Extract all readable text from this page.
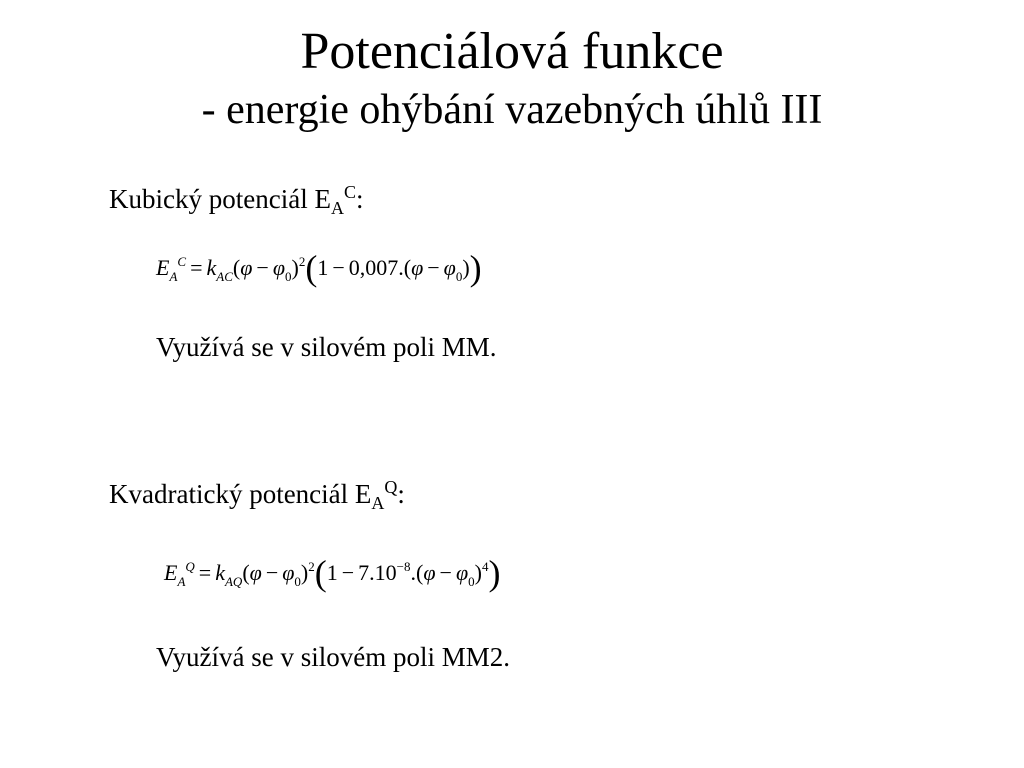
Potenciálová funkce
- energie ohýbání vazebných úhlů III
Kubický potenciál $E_A^C$:
$E_A^C = k_{AC}(\varphi - \varphi_0)^2(1 - 0,007.(\varphi - \varphi_0))$
Využívá se v silovém poli MM.
Kvadratický potenciál $E_A^Q$:
$E_A^Q = k_{AQ}(\varphi - \varphi_0)^2(1 - 7.10^{-8}.(\varphi - \varphi_0)^4)$
Využívá se v silovém poli MM2.
